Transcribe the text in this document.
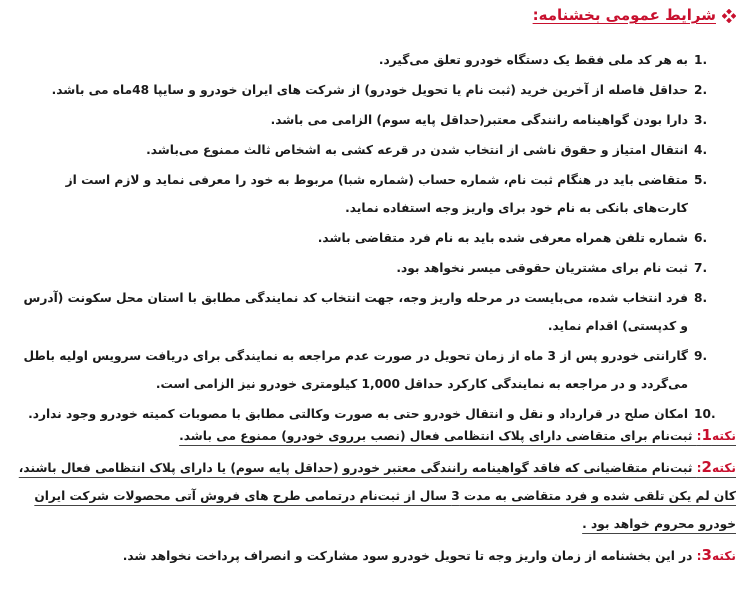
شرایط عمومی بخشنامه:
1.
به هر کد ملی فقط یک دستگاه خودرو تعلق می‌گیرد.
2.
حداقل فاصله از آخرین خرید (ثبت نام یا تحویل خودرو) از شرکت های ایران خودرو و سایپا 48ماه می باشد.
3.
دارا بودن گواهینامه رانندگی معتبر(حداقل پایه سوم) الزامی می باشد.
4.
انتقال امتیاز و حقوق ناشی از انتخاب شدن در قرعه کشی به اشخاص ثالث ممنوع می‌باشد.
5.
متقاضی باید در هنگام ثبت نام، شماره حساب (شماره شبا) مربوط به خود را معرفی نماید و لازم است از کارت‌های بانکی به نام خود برای واریز وجه استفاده نماید.
6.
شماره تلفن همراه معرفی شده باید به نام فرد متقاضی باشد.
7.
ثبت نام برای مشتریان حقوقی میسر نخواهد بود.
8.
فرد انتخاب شده، می‌بایست در مرحله واریز وجه، جهت انتخاب کد نمایندگی مطابق با استان محل سکونت (آدرس و کدپستی) اقدام نماید.
9.
گارانتی خودرو پس از 3 ماه از زمان تحویل در صورت عدم مراجعه به نمایندگی برای دریافت سرویس اولیه باطل می‌گردد و در مراجعه به نمایندگی کارکرد حداقل 1,000 کیلومتری خودرو نیز الزامی است.
10.
امکان صلح در قرارداد و نقل و انتقال خودرو حتی به صورت وکالتی مطابق با مصوبات کمیته خودرو وجود ندارد.
نکته1: ثبت‌نام برای متقاضی دارای پلاک انتظامی فعال (نصب برروی خودرو) ممنوع می باشد.
نکته2: ثبت‌نام متقاضیانی که فاقد گواهینامه رانندگی معتبر خودرو (حداقل پایه سوم) یا دارای پلاک انتظامی فعال باشند، کان لم یکن تلقی شده و فرد متقاضی به مدت 3 سال از ثبت‌نام درتمامی طرح های فروش آتی محصولات شرکت ایران خودرو محروم خواهد بود .
نکته3: در این بخشنامه از زمان واریز وجه تا تحویل خودرو سود مشارکت و انصراف پرداخت نخواهد شد.
